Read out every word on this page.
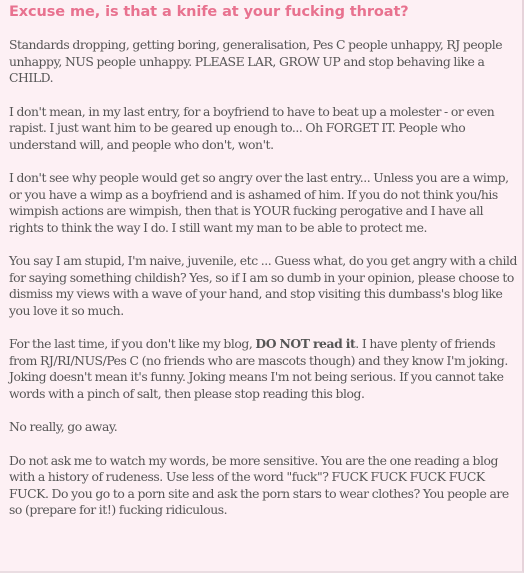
Excuse me, is that a knife at your fucking throat?

Standards dropping, getting boring, generalisation, Pes C people unhappy, RJ people unhappy, NUS people unhappy. PLEASE LAR, GROW UP and stop behaving like a CHILD.

I don't mean, in my last entry, for a boyfriend to have to beat up a molester - or even rapist. I just want him to be geared up enough to... Oh FORGET IT. People who understand will, and people who don't, won't.

I don't see why people would get so angry over the last entry... Unless you are a wimp, or you have a wimp as a boyfriend and is ashamed of him. If you do not think you/his wimpish actions are wimpish, then that is YOUR fucking perogative and I have all rights to think the way I do. I still want my man to be able to protect me.

You say I am stupid, I'm naive, juvenile, etc ... Guess what, do you get angry with a child for saying something childish? Yes, so if I am so dumb in your opinion, please choose to dismiss my views with a wave of your hand, and stop visiting this dumbass's blog like you love it so much.

For the last time, if you don't like my blog, DO NOT read it. I have plenty of friends from RJ/RI/NUS/Pes C (no friends who are mascots though) and they know I'm joking. Joking doesn't mean it's funny. Joking means I'm not being serious. If you cannot take words with a pinch of salt, then please stop reading this blog.

No really, go away.

Do not ask me to watch my words, be more sensitive. You are the one reading a blog with a history of rudeness. Use less of the word "fuck"? FUCK FUCK FUCK FUCK FUCK. Do you go to a porn site and ask the porn stars to wear clothes? You people are so (prepare for it!) fucking ridiculous.
